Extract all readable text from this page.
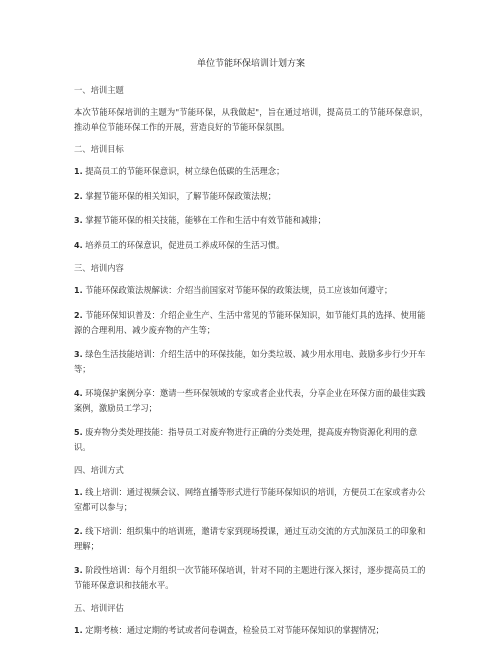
单位节能环保培训计划方案
一、培训主题
本次节能环保培训的主题为"节能环保，从我做起"，旨在通过培训，提高员工的节能环保意识，推动单位节能环保工作的开展，营造良好的节能环保氛围。
二、培训目标
1. 提高员工的节能环保意识，树立绿色低碳的生活理念；
2. 掌握节能环保的相关知识，了解节能环保政策法规；
3. 掌握节能环保的相关技能，能够在工作和生活中有效节能和减排；
4. 培养员工的环保意识，促进员工养成环保的生活习惯。
三、培训内容
1. 节能环保政策法规解读：介绍当前国家对节能环保的政策法规，员工应该如何遵守；
2. 节能环保知识普及：介绍企业生产、生活中常见的节能环保知识，如节能灯具的选择、使用能源的合理利用、减少废弃物的产生等；
3. 绿色生活技能培训：介绍生活中的环保技能，如分类垃圾、减少用水用电、鼓励多步行少开车等；
4. 环境保护案例分享：邀请一些环保领域的专家或者企业代表，分享企业在环保方面的最佳实践案例，激励员工学习；
5. 废弃物分类处理技能：指导员工对废弃物进行正确的分类处理，提高废弃物资源化利用的意识。
四、培训方式
1. 线上培训：通过视频会议、网络直播等形式进行节能环保知识的培训，方便员工在家或者办公室都可以参与；
2. 线下培训：组织集中的培训班，邀请专家到现场授课，通过互动交流的方式加深员工的印象和理解；
3. 阶段性培训：每个月组织一次节能环保培训，针对不同的主题进行深入探讨，逐步提高员工的节能环保意识和技能水平。
五、培训评估
1. 定期考核：通过定期的考试或者问卷调查，检验员工对节能环保知识的掌握情况；
